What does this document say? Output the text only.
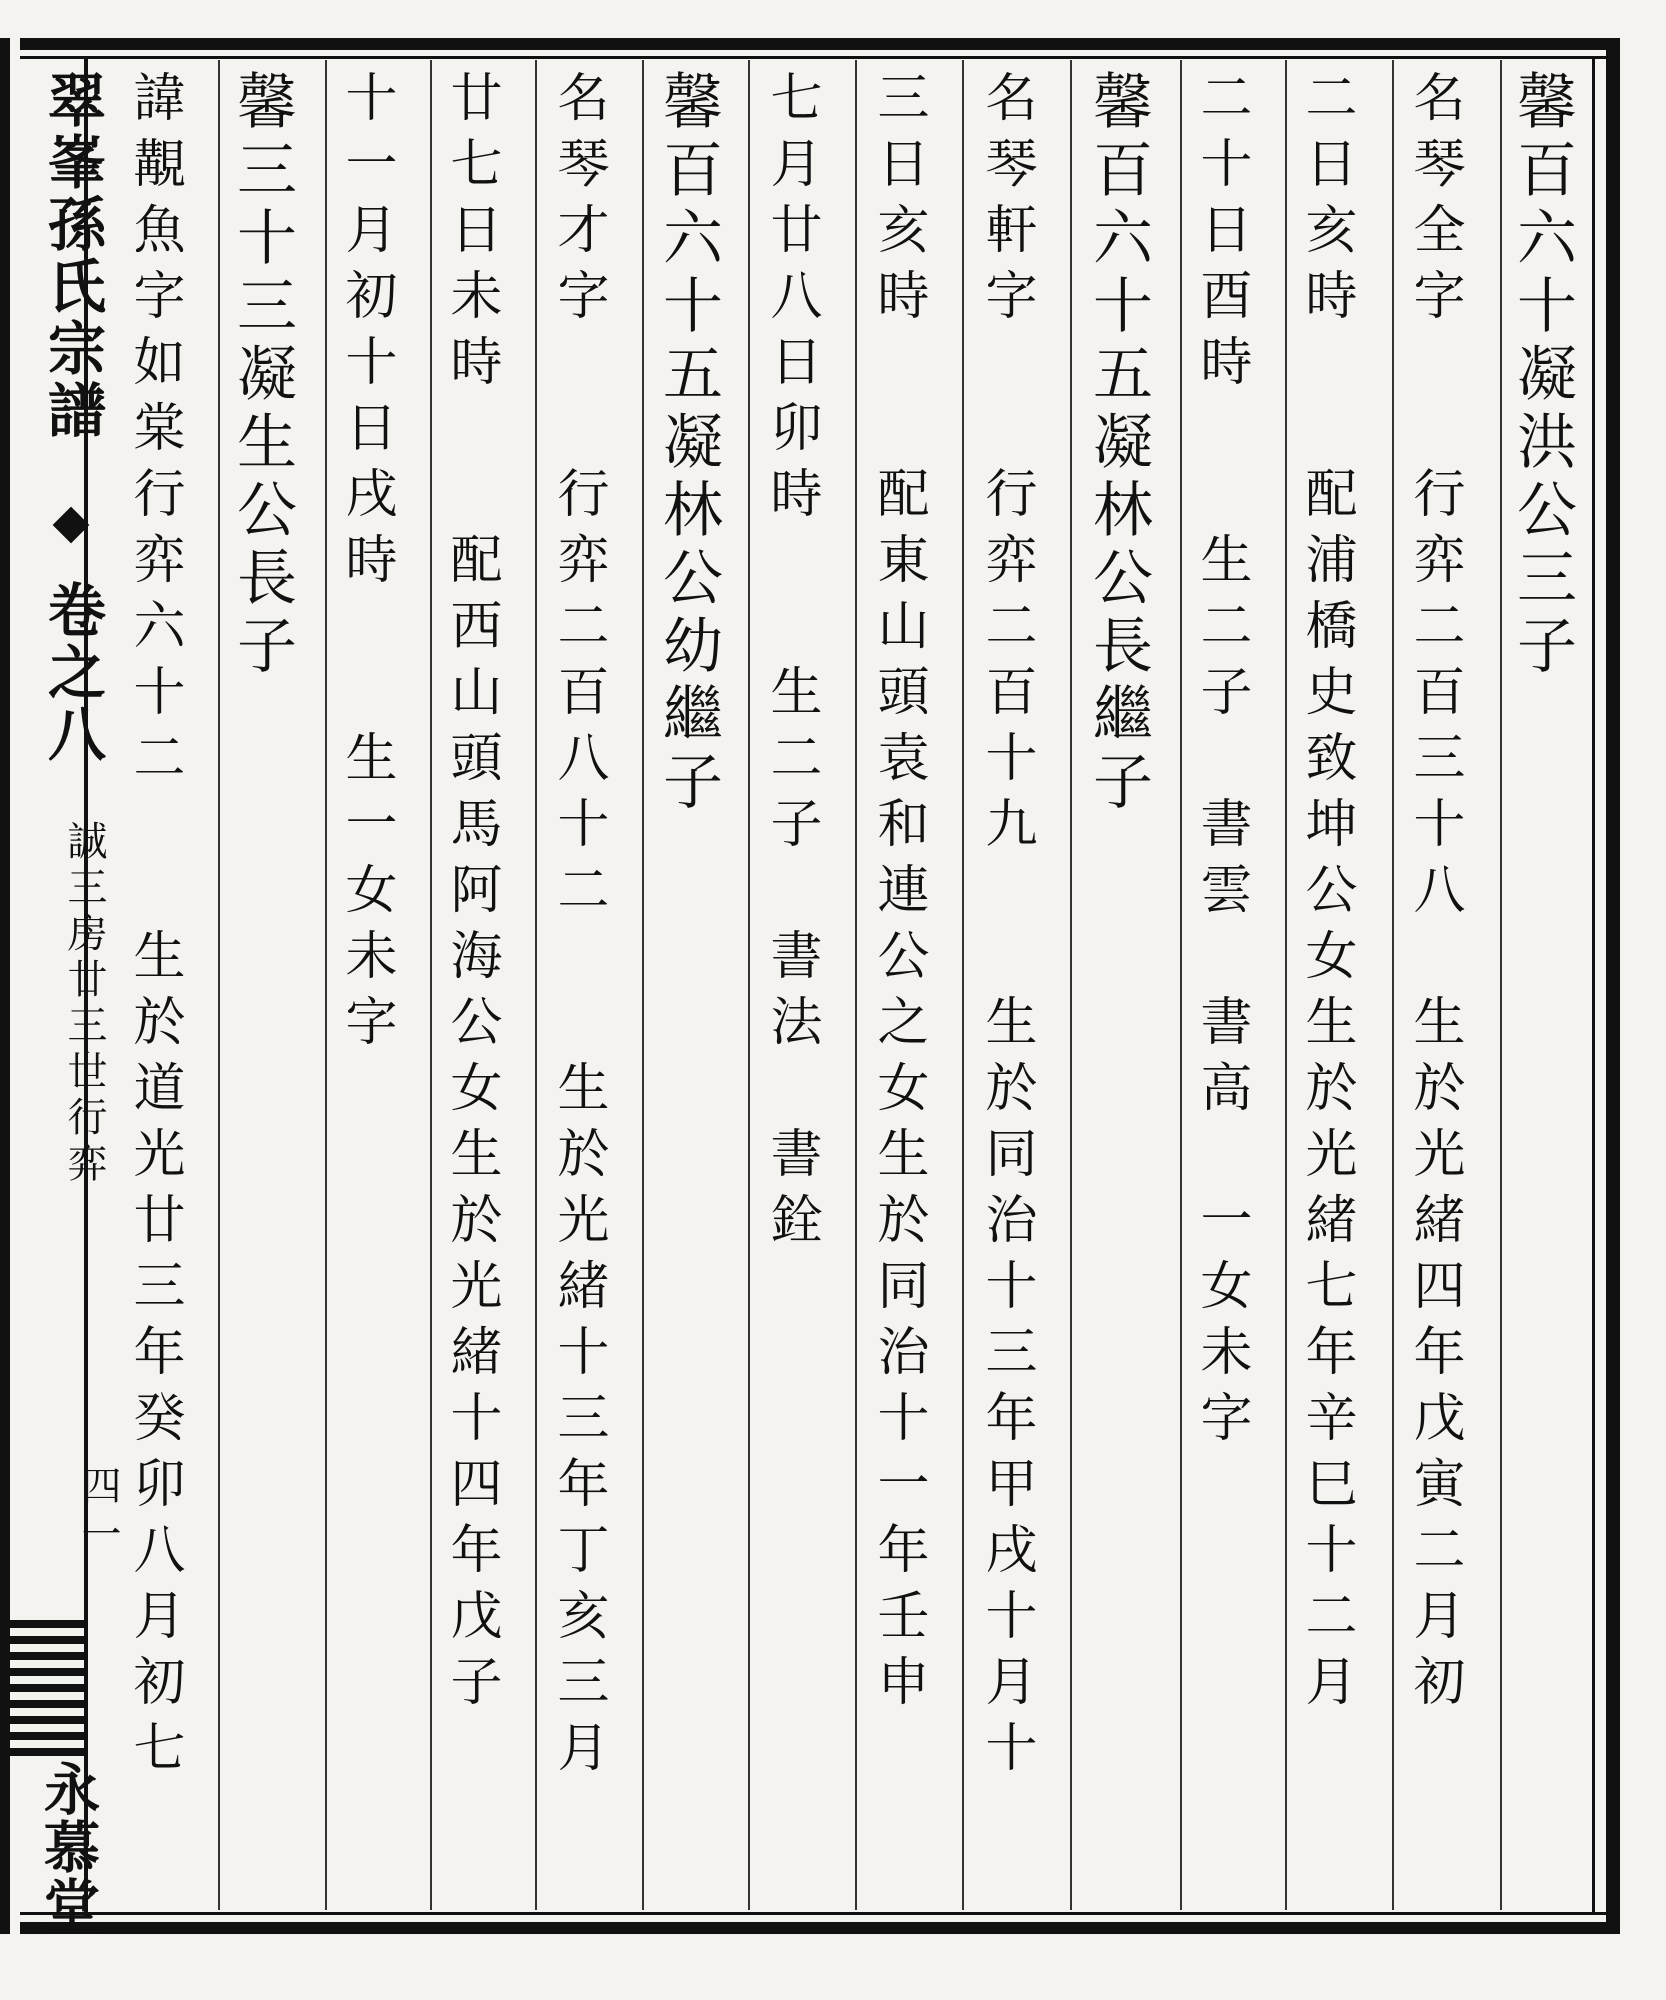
馨百六十凝洪公三子
名琴全字　　行弈二百三十八　生於光緒四年戊寅二月初
二日亥時　　配浦橋史致坤公女生於光緒七年辛巳十二月
二十日酉時　　生二子　書雲　書高　一女未字
馨百六十五凝林公長繼子
名琴軒字　　行弈二百十九　　生於同治十三年甲戌十月十
三日亥時　　配東山頭袁和連公之女生於同治十一年壬申
七月廿八日卯時　　生二子　書法　書銓
馨百六十五凝林公幼繼子
名琴才字　　行弈二百八十二　　生於光緒十三年丁亥三月
廿七日未時　　配西山頭馬阿海公女生於光緒十四年戊子
十一月初十日戌時　　生一女未字
馨三十三凝生公長子
諱覯魚字如棠行弈六十二　　生於道光廿三年癸卯八月初七
翠峯孫氏宗譜
卷之八
誠三房廿三世行弈
四一
永慕堂
